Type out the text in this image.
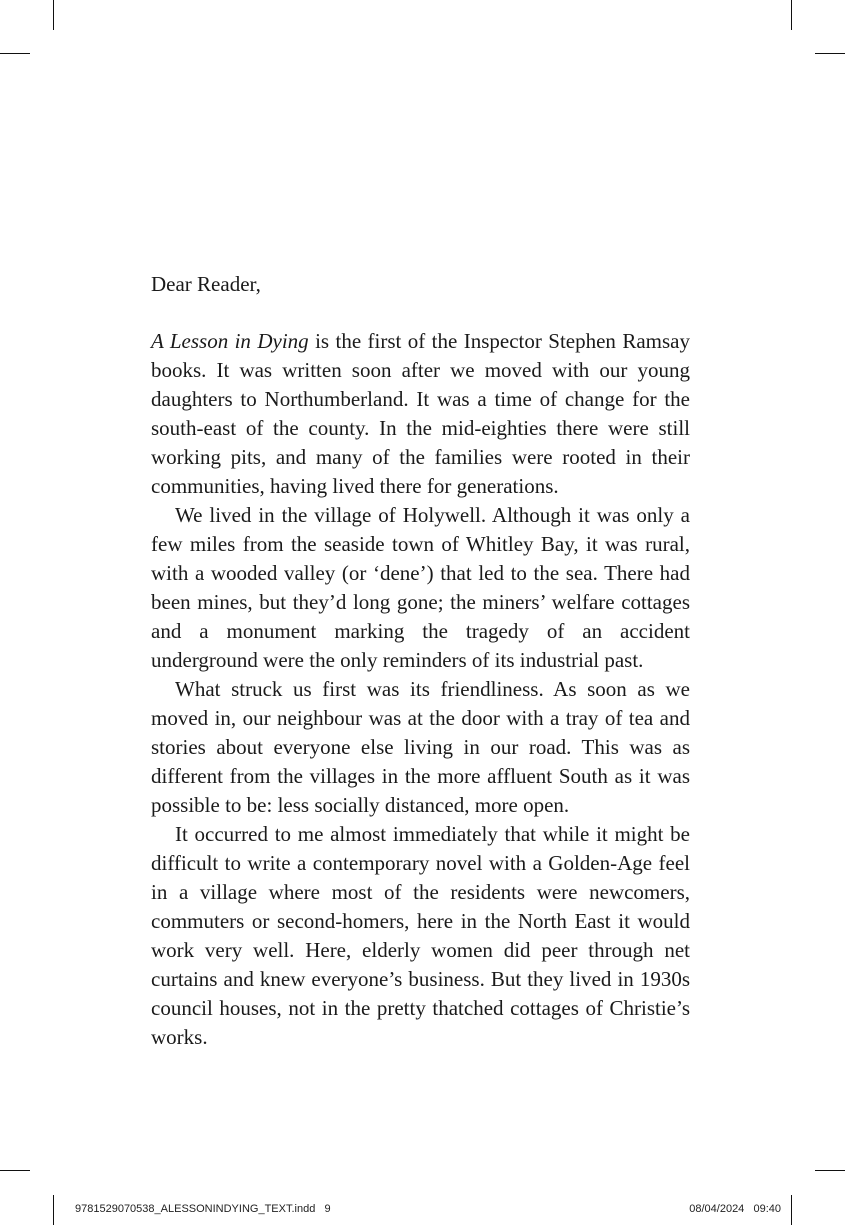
Dear Reader,

A Lesson in Dying is the first of the Inspector Stephen Ramsay books. It was written soon after we moved with our young daughters to Northumberland. It was a time of change for the south-east of the county. In the mid-eighties there were still working pits, and many of the families were rooted in their communities, having lived there for generations.

We lived in the village of Holywell. Although it was only a few miles from the seaside town of Whitley Bay, it was rural, with a wooded valley (or ‘dene’) that led to the sea. There had been mines, but they’d long gone; the miners’ welfare cottages and a monument marking the tragedy of an accident underground were the only reminders of its industrial past.

What struck us first was its friendliness. As soon as we moved in, our neighbour was at the door with a tray of tea and stories about everyone else living in our road. This was as different from the villages in the more affluent South as it was possible to be: less socially distanced, more open.

It occurred to me almost immediately that while it might be difficult to write a contemporary novel with a Golden-Age feel in a village where most of the residents were newcomers, commuters or second-homers, here in the North East it would work very well. Here, elderly women did peer through net curtains and knew everyone’s business. But they lived in 1930s council houses, not in the pretty thatched cottages of Christie’s works.

9781529070538_ALESSONINDYING_TEXT.indd   9	08/04/2024   09:40
